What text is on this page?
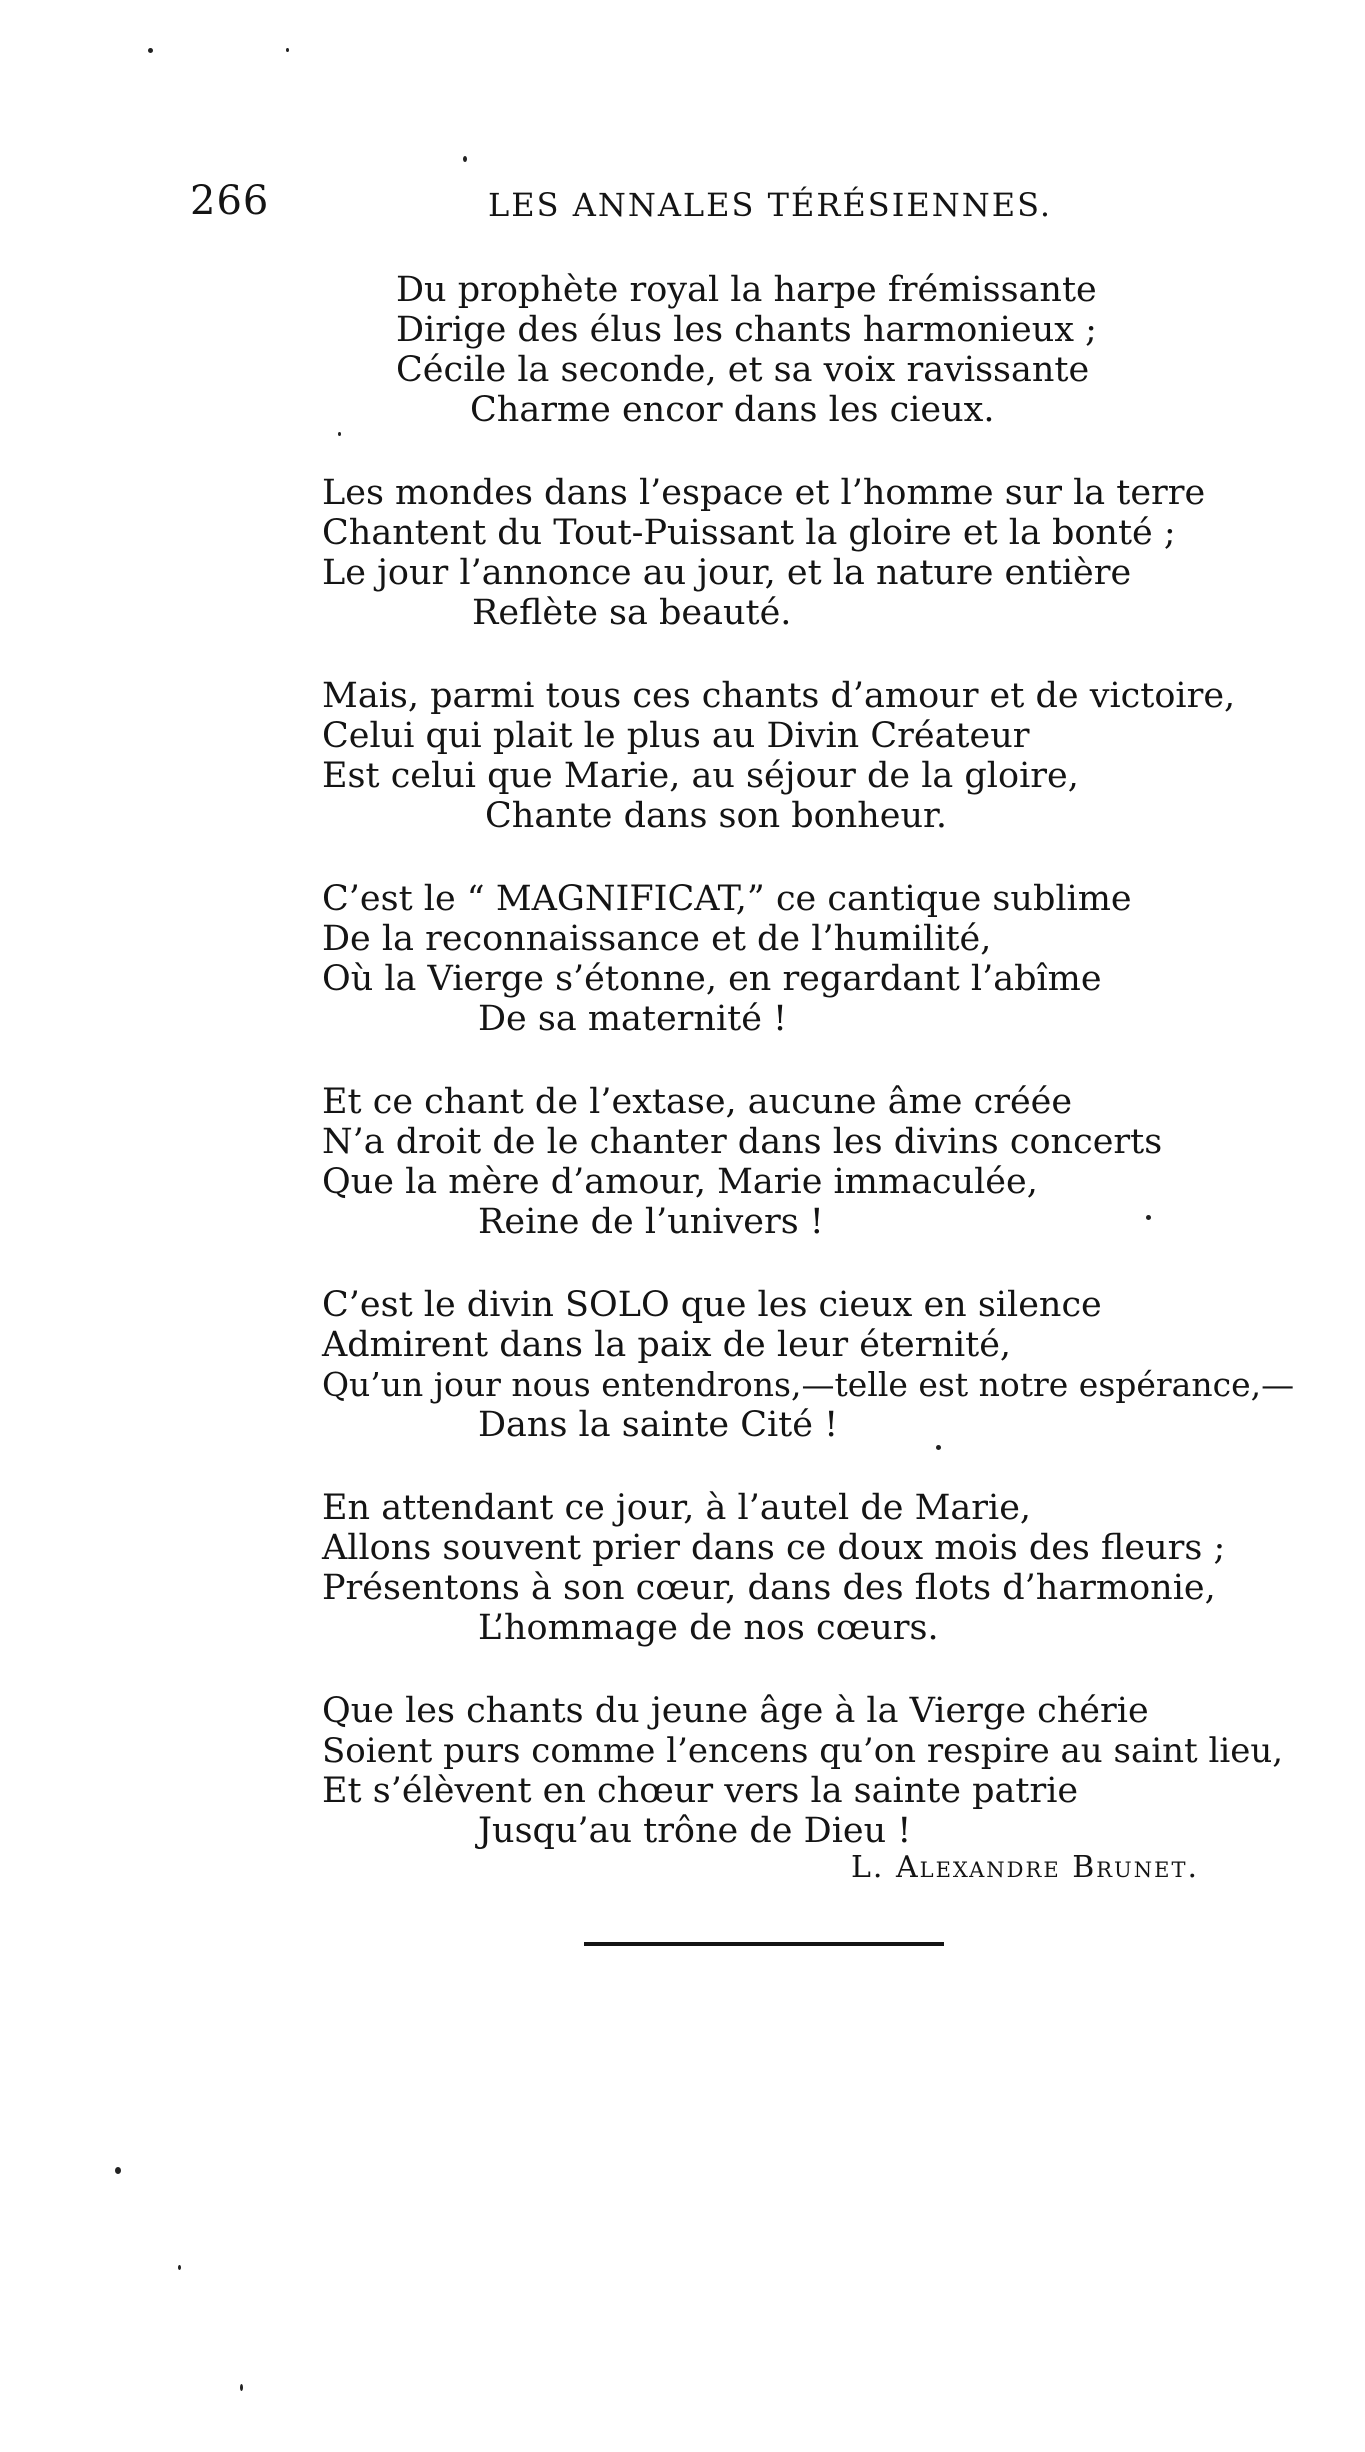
266	LES ANNALES TÉRÉSIENNES.
Du prophète royal la harpe frémissante
Dirige des élus les chants harmonieux ;
Cécile la seconde, et sa voix ravissante
Charme encor dans les cieux.
Les mondes dans l’espace et l’homme sur la terre
Chantent du Tout-Puissant la gloire et la bonté ;
Le jour l’annonce au jour, et la nature entière
Reflète sa beauté.
Mais, parmi tous ces chants d’amour et de victoire,
Celui qui plait le plus au Divin Créateur
Est celui que Marie, au séjour de la gloire,
Chante dans son bonheur.
C’est le “ MAGNIFICAT,” ce cantique sublime
De la reconnaissance et de l’humilité,
Où la Vierge s’étonne, en regardant l’abîme
De sa maternité !
Et ce chant de l’extase, aucune âme créée
N’a droit de le chanter dans les divins concerts
Que la mère d’amour, Marie immaculée,
Reine de l’univers !
C’est le divin SOLO que les cieux en silence
Admirent dans la paix de leur éternité,
Qu’un jour nous entendrons,—telle est notre espérance,—
Dans la sainte Cité !
En attendant ce jour, à l’autel de Marie,
Allons souvent prier dans ce doux mois des fleurs ;
Présentons à son cœur, dans des flots d’harmonie,
L’hommage de nos cœurs.
Que les chants du jeune âge à la Vierge chérie
Soient purs comme l’encens qu’on respire au saint lieu,
Et s’élèvent en chœur vers la sainte patrie
Jusqu’au trône de Dieu !
L. Alexandre Brunet.
